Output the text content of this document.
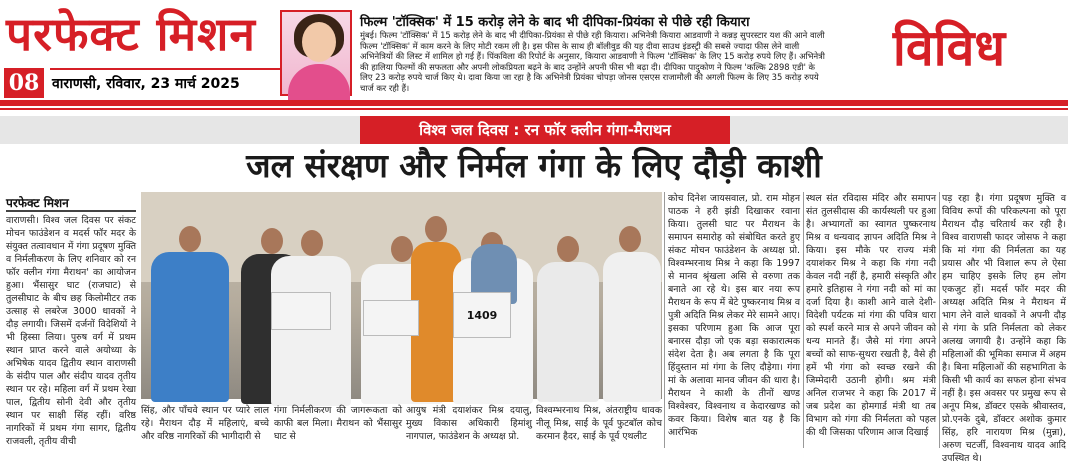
परफेक्ट मिशन
08 वाराणसी, रविवार, 23 मार्च 2025
फिल्म 'टॉक्सिक' में 15 करोड़ लेने के बाद भी दीपिका-प्रियंका से पीछे रही कियारा
मुंबई। फिल्म 'टॉक्सिक' में 15 करोड़ लेने के बाद भी दीपिका-प्रियंका से पीछे रही कियारा। अभिनेत्री कियारा आडवाणी ने कन्नड़ सुपरस्टार यश की आने वाली फिल्म 'टॉक्सिक' में काम करने के लिए मोटी रकम ली है। इस फीस के साथ ही बॉलीवुड की यह दीवा साउथ इंडस्ट्री की सबसे ज्यादा फीस लेने वाली अभिनेत्रियों की लिस्ट में शामिल हो गई हैं। पिंकविला की रिपोर्ट के अनुसार, कियारा आडवाणी ने फिल्म 'टॉक्सिक' के लिए 15 करोड़ रुपये लिए हैं। अभिनेत्री की हालिया फिल्मों की सफलता और अपनी लोकप्रियता बढ़ने के बाद उन्होंने अपनी फीस भी बढ़ा दी। दीपिका पादुकोण ने फिल्म 'कल्कि 2898 एडी' के लिए 23 करोड़ रुपये चार्ज किए थे। दावा किया जा रहा है कि अभिनेत्री प्रियंका चोपड़ा जोनस एसएस राजामौली की अगली फिल्म के लिए 35 करोड़ रुपये चार्ज कर रही हैं।
विविध
विश्व जल दिवस : रन फॉर क्लीन गंगा-मैराथन
जल संरक्षण और निर्मल गंगा के लिए दौड़ी काशी
परफेक्ट मिशन
वाराणसी। विश्व जल दिवस पर संकट मोचन फाउंडेशन व मदर्स फॉर मदर के संयुक्त तत्वावधान में गंगा प्रदूषण मुक्ति व निर्मलीकरण के लिए शनिवार को रन फॉर क्लीन गंगा मैराथन' का आयोजन हुआ। भैंसासुर घाट (राजघाट) से तुलसीघाट के बीच छह किलोमीटर तक उत्साह से लबरेज 3000 धावकों ने दौड़ लगायी। जिसमें दर्जनों विदेशियों ने भी हिस्सा लिया। पुरुष वर्ग में प्रथम स्थान प्राप्त करने वाले अयोध्या के अभिषेक यादव द्वितीय स्थान वाराणसी के संदीप पाल और संदीप यादव तृतीय स्थान पर रहे। महिला वर्ग में प्रथम रेखा पाल, द्वितीय सोनी देवी और तृतीय स्थान पर साक्षी सिंह रहीं। वरिष्ठ नागरिकों में प्रथम गंगा सागर, द्वितीय राजवली, तृतीय वीची
1409
सिंह, और पाँचवे स्थान पर प्यारे लाल रहे। मैराथन दौड़ में महिलाएं, बच्चे और वरिष्ठ नागरिकों की भागीदारी से
गंगा निर्मलीकरण की जागरूकता को काफी बल मिला। मैराथन को भैंसासुर घाट से
आयुष मंत्री दयाशंकर मिश्र दयालु, मुख्य विकास अधिकारी हिमांशु नागपाल, फाउंडेशन के अध्यक्ष प्रो.
विश्वम्भरनाथ मिश्र, अंतराष्ट्रीय धावक नीलू मिश्र, साई के पूर्व फुटबाॅल कोच करमान हैदर, साई के पूर्व एथलीट
कोच दिनेश जायसवाल, प्रो. राम मोहन पाठक ने हरी झंडी दिखाकर रवाना किया। तुलसी घाट पर मैराथन के समापन समारोह को संबोधित करते हुए संकट मोचन फाउंडेशन के अध्यक्ष प्रो. विश्वम्भरनाथ मिश्र ने कहा कि 1997 से मानव श्रृंखला असि से वरुणा तक बनाते आ रहे थे। इस बार नया रूप मैराथन के रूप में बेटे पुष्करनाथ मिश्र व पुत्री अदिति मिश्र लेकर मेरे सामने आए। इसका परिणाम हुआ कि आज पूरा बनारस दौड़ा जो एक बड़ा सकारात्मक संदेश देता है। अब लगता है कि पूरा हिंदुस्तान मां गंगा के लिए दौड़ेगा। गंगा मां के अलावा मानव जीवन की धारा है। मैराथन ने काशी के तीनों खण्ड विश्वेश्वर, विश्वनाथ व केदारखण्ड को कवर किया। विशेष बात यह है कि आरंभिक
स्थल संत रविदास मंदिर और समापन संत तुलसीदास की कार्यस्थली पर हुआ है। अभ्यागतों का स्वागत पुष्करनाथ मिश्र व धन्यवाद ज्ञापन अदिति मिश्र ने किया। इस मौके पर राज्य मंत्री दयाशंकर मिश्र ने कहा कि गंगा नदी केवल नदी नहीं है, हमारी संस्कृति और हमारे इतिहास ने गंगा नदी को मां का दर्जा दिया है। काशी आने वाले देशी-विदेशी पर्यटक मां गंगा की पवित्र धारा को स्पर्श करने मात्र से अपने जीवन को धन्य मानते हैं। जैसे मां गंगा अपने बच्चों को साफ-सुथरा रखती है, वैसे ही हमें भी गंगा को स्वच्छ रखने की जिम्मेदारी उठानी होगी। श्रम मंत्री अनिल राजभर ने कहा कि 2017 में जब प्रदेश का होमगार्ड मंत्री था तब विभाग को गंगा की निर्मलता को पहल की थी जिसका परिणाम आज दिखाई
पड़ रहा है। गंगा प्रदूषण मुक्ति व विविध रूपों की परिकल्पना को पूरा मैराथन दौड़ चरितार्थ कर रही है। विश्व वाराणसी फादर जोसफ ने कहा कि मां गंगा की निर्मलता का यह प्रयास और भी विशाल रूप ले ऐसा हम चाहिए इसके लिए हम लोग एकजुट हों। मदर्स फॉर मदर की अध्यक्ष अदिति मिश्र ने मैराथन में भाग लेने वाले धावकों ने अपनी दौड़ से गंगा के प्रति निर्मलता को लेकर अलख जगायी है। उन्होंने कहा कि महिलाओं की भूमिका समाज में अहम है। बिना महिलाओं की सहभागिता के किसी भी कार्य का सफल होना संभव नहीं है। इस अवसर पर प्रमुख रूप से अनूप मिश्र, डॉक्टर एसके श्रीवास्तव, प्रो.एनके दुबे, डॉक्टर अशोक कुमार सिंह, हरि नारायण मिश्र (मुन्ना), अरुण चटर्जी, विश्वनाथ यादव आदि उपस्थित थे।
